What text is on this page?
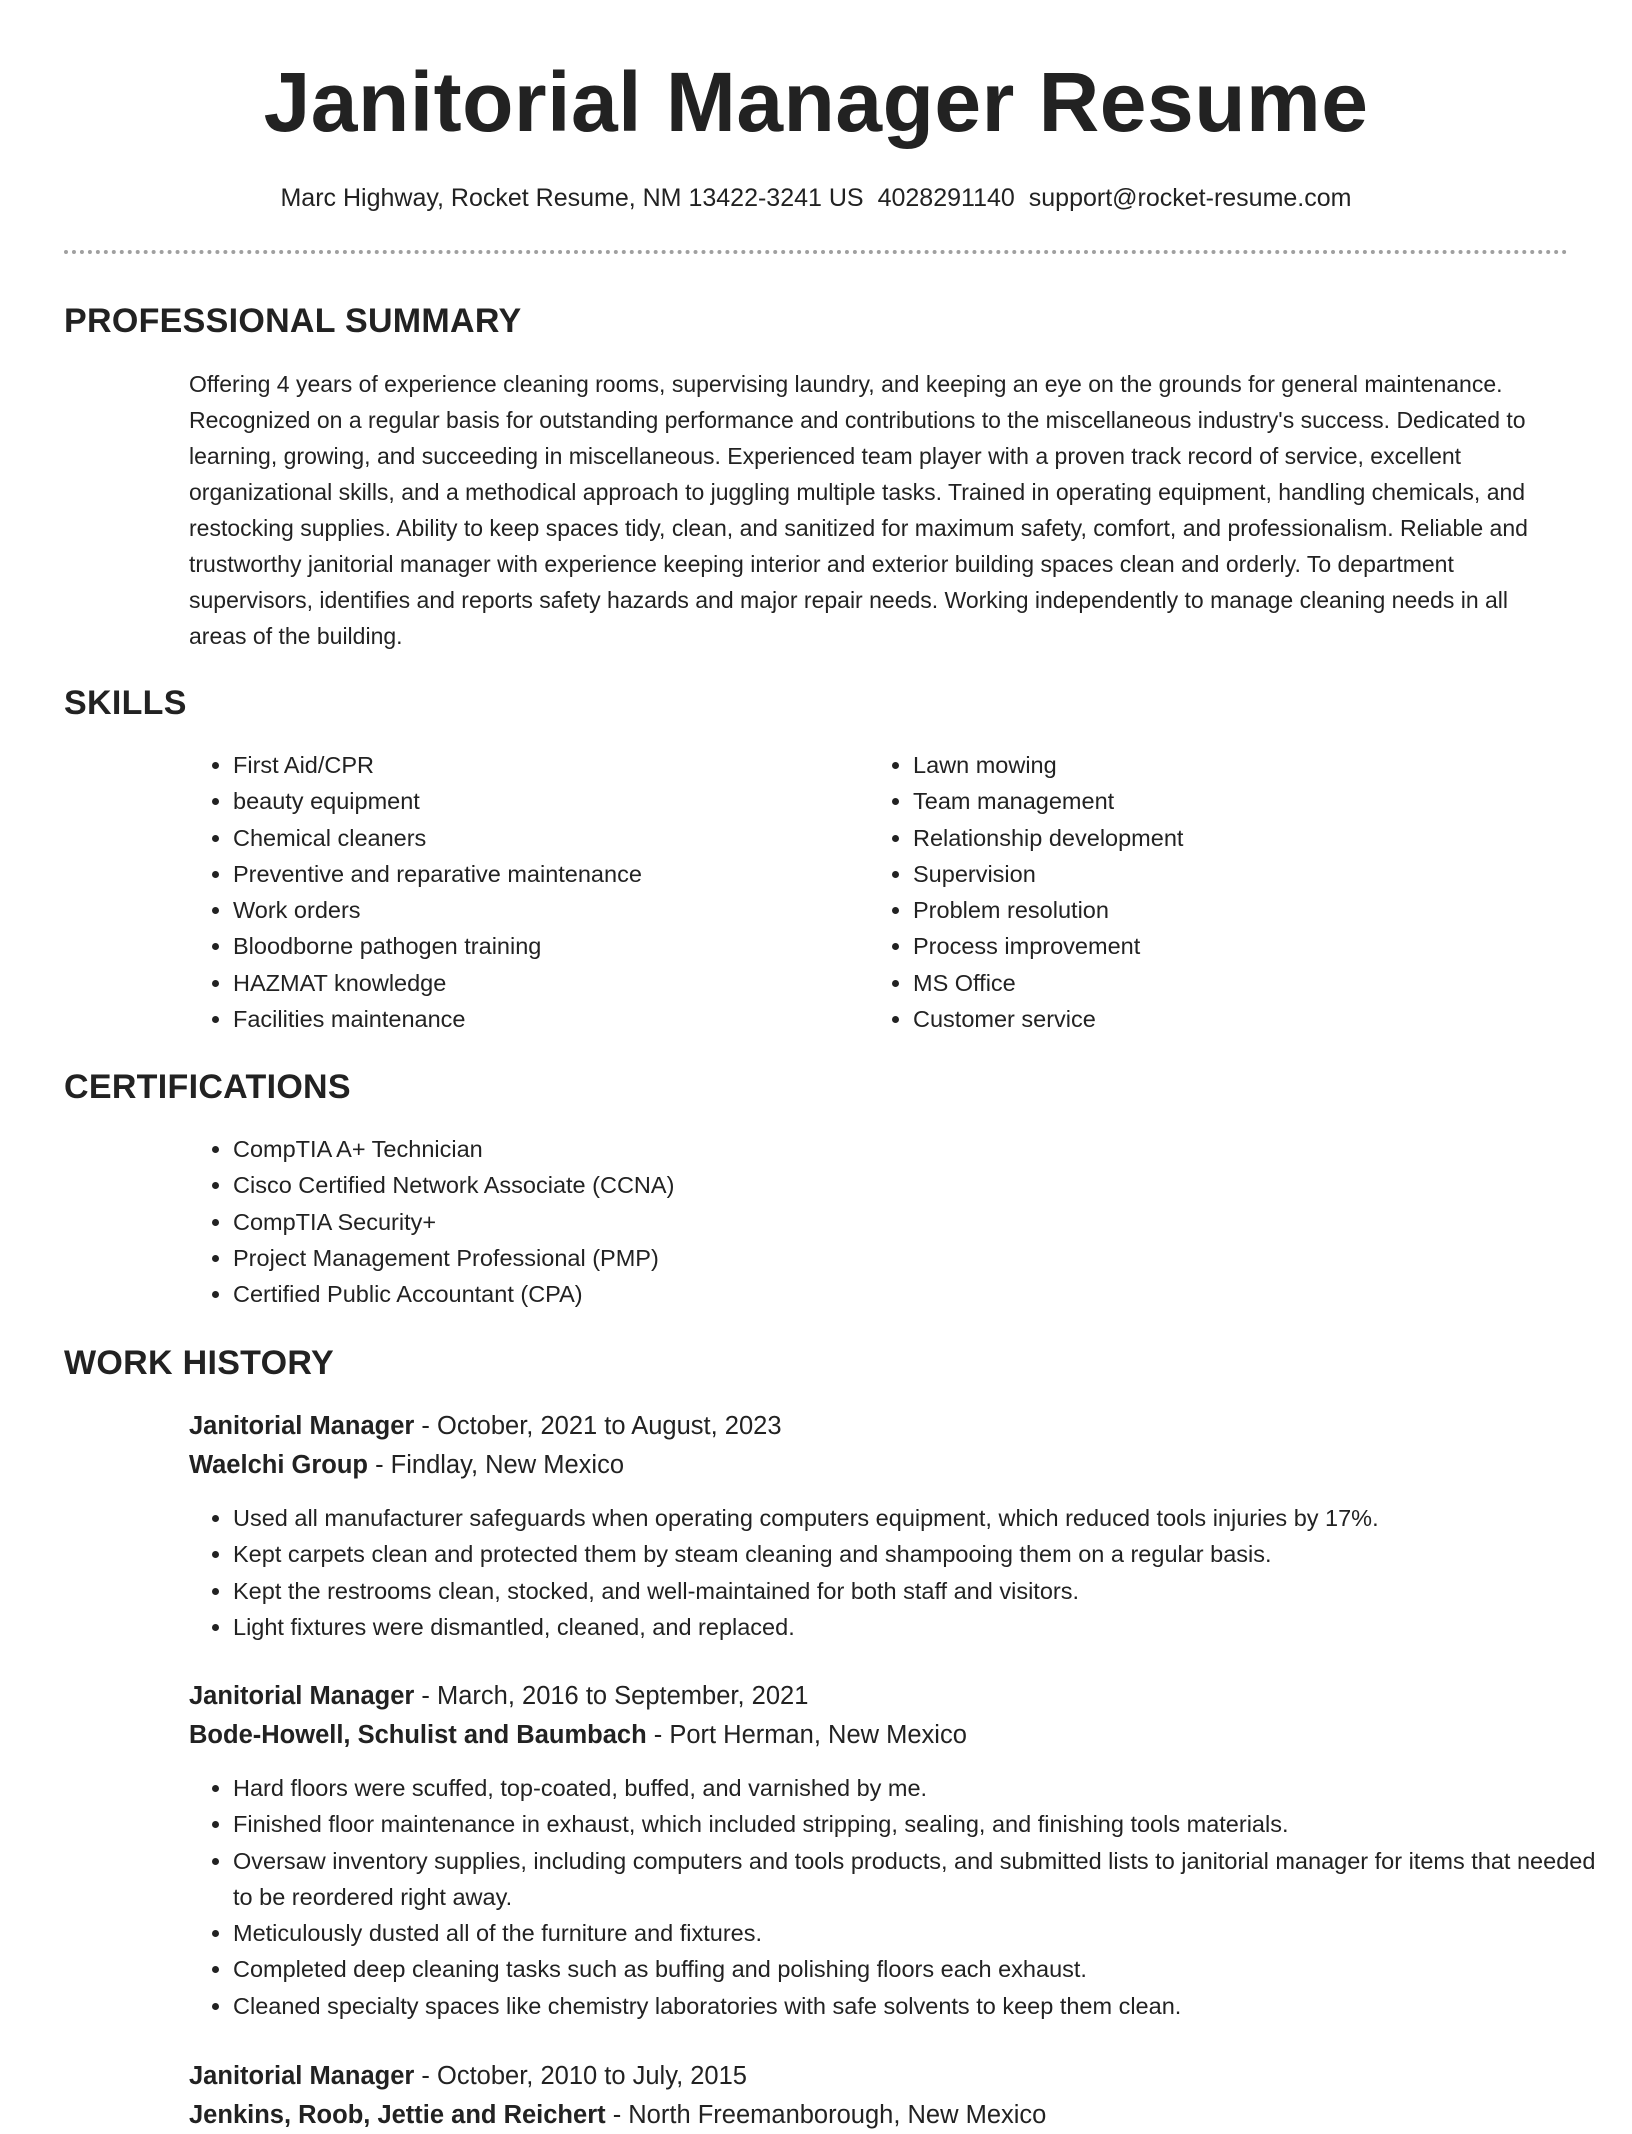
Janitorial Manager Resume
Marc Highway, Rocket Resume, NM 13422-3241 US 4028291140 support@rocket-resume.com
PROFESSIONAL SUMMARY

Offering 4 years of experience cleaning rooms, supervising laundry, and keeping an eye on the grounds for general maintenance. Recognized on a regular basis for outstanding performance and contributions to the miscellaneous industry's success. Dedicated to learning, growing, and succeeding in miscellaneous. Experienced team player with a proven track record of service, excellent organizational skills, and a methodical approach to juggling multiple tasks. Trained in operating equipment, handling chemicals, and restocking supplies. Ability to keep spaces tidy, clean, and sanitized for maximum safety, comfort, and professionalism. Reliable and trustworthy janitorial manager with experience keeping interior and exterior building spaces clean and orderly. To department supervisors, identifies and reports safety hazards and major repair needs. Working independently to manage cleaning needs in all areas of the building.

SKILLS
• First Aid/CPR
• beauty equipment
• Chemical cleaners
• Preventive and reparative maintenance
• Work orders
• Bloodborne pathogen training
• HAZMAT knowledge
• Facilities maintenance
• Lawn mowing
• Team management
• Relationship development
• Supervision
• Problem resolution
• Process improvement
• MS Office
• Customer service
CERTIFICATIONS
• CompTIA A+ Technician
• Cisco Certified Network Associate (CCNA)
• CompTIA Security+
• Project Management Professional (PMP)
• Certified Public Accountant (CPA)
WORK HISTORY
Janitorial Manager - October, 2021 to August, 2023
Waelchi Group - Findlay, New Mexico
• Used all manufacturer safeguards when operating computers equipment, which reduced tools injuries by 17%.
• Kept carpets clean and protected them by steam cleaning and shampooing them on a regular basis.
• Kept the restrooms clean, stocked, and well-maintained for both staff and visitors.
• Light fixtures were dismantled, cleaned, and replaced.
Janitorial Manager - March, 2016 to September, 2021
Bode-Howell, Schulist and Baumbach - Port Herman, New Mexico
• Hard floors were scuffed, top-coated, buffed, and varnished by me.
• Finished floor maintenance in exhaust, which included stripping, sealing, and finishing tools materials.
• Oversaw inventory supplies, including computers and tools products, and submitted lists to janitorial manager for items that needed to be reordered right away.
• Meticulously dusted all of the furniture and fixtures.
• Completed deep cleaning tasks such as buffing and polishing floors each exhaust.
• Cleaned specialty spaces like chemistry laboratories with safe solvents to keep them clean.
Janitorial Manager - October, 2010 to July, 2015
Jenkins, Roob, Jettie and Reichert - North Freemanborough, New Mexico
